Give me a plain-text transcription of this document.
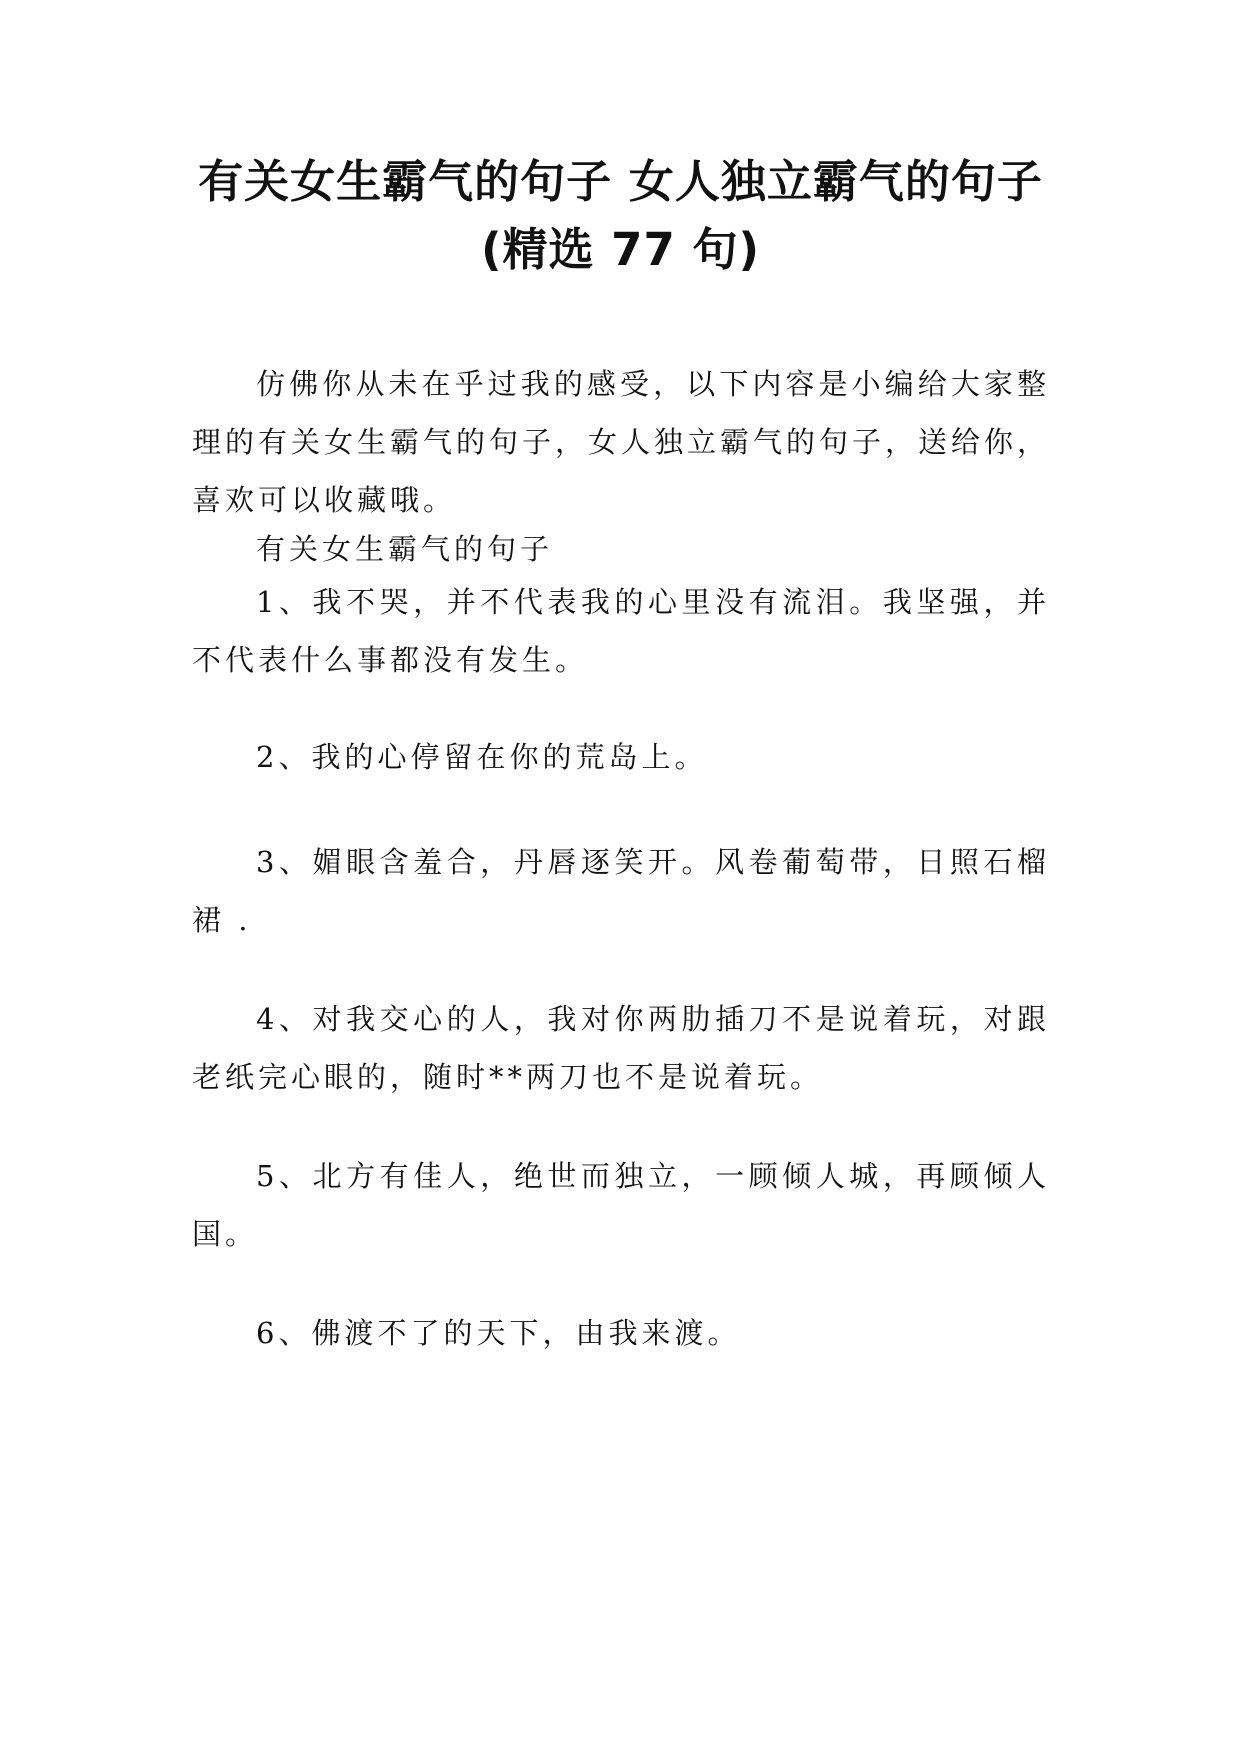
有关女生霸气的句子 女人独立霸气的句子
(精选 77 句)

仿佛你从未在乎过我的感受，以下内容是小编给大家整理的有关女生霸气的句子，女人独立霸气的句子，送给你，喜欢可以收藏哦。

有关女生霸气的句子

1、我不哭，并不代表我的心里没有流泪。我坚强，并不代表什么事都没有发生。

2、我的心停留在你的荒岛上。

3、媚眼含羞合，丹唇逐笑开。风卷葡萄带，日照石榴裙 .

4、对我交心的人，我对你两肋插刀不是说着玩，对跟老纸完心眼的，随时**两刀也不是说着玩。

5、北方有佳人，绝世而独立，一顾倾人城，再顾倾人国。

6、佛渡不了的天下，由我来渡。
